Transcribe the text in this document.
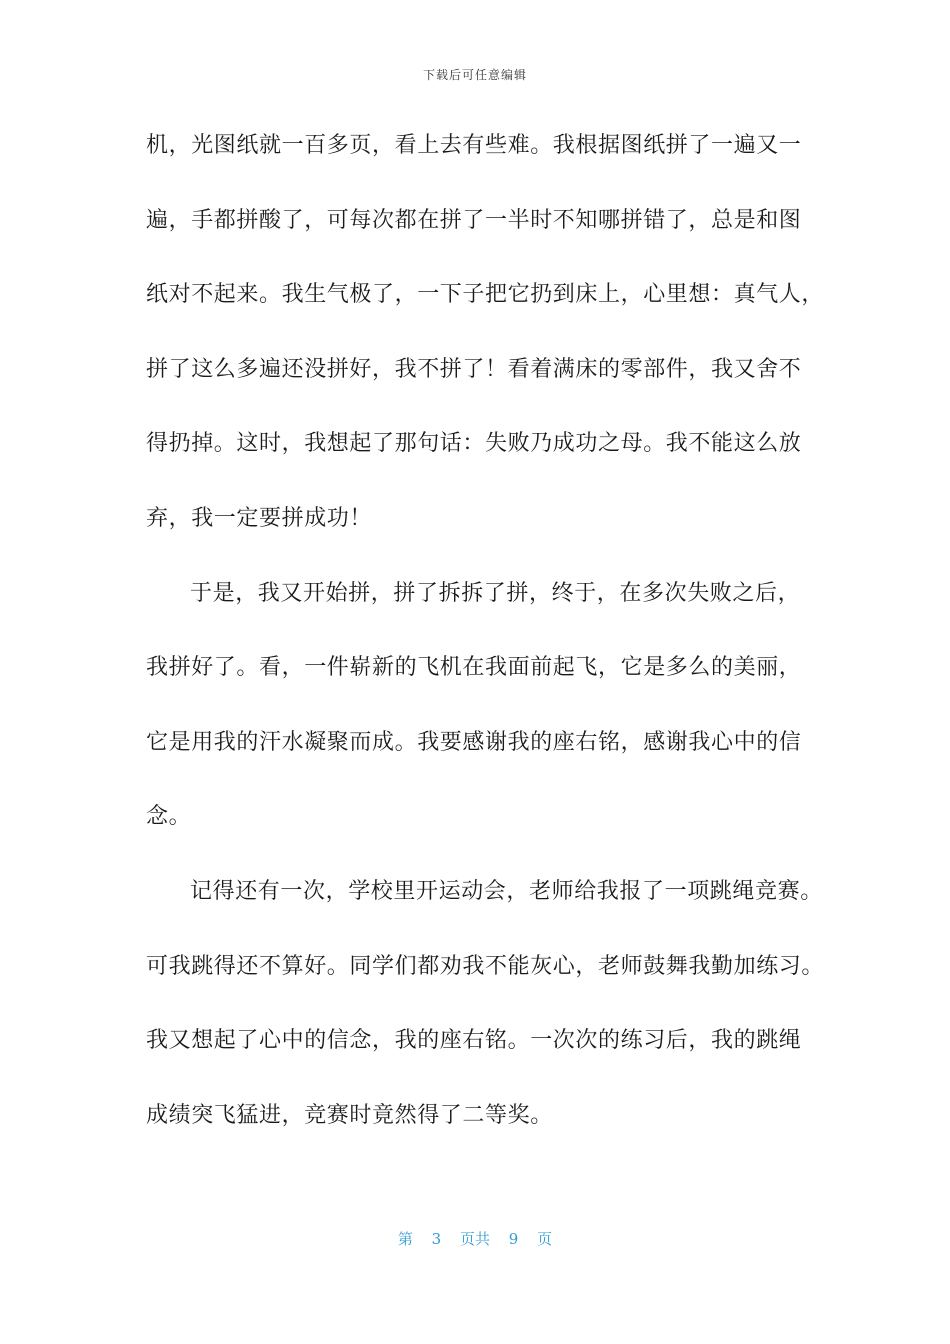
下载后可任意编辑
机，光图纸就一百多页，看上去有些难。我根据图纸拼了一遍又一
遍，手都拼酸了，可每次都在拼了一半时不知哪拼错了，总是和图
纸对不起来。我生气极了，一下子把它扔到床上，心里想：真气人，
拼了这么多遍还没拼好，我不拼了！看着满床的零部件，我又舍不
得扔掉。这时，我想起了那句话：失败乃成功之母。我不能这么放
弃，我一定要拼成功！
于是，我又开始拼，拼了拆拆了拼，终于，在多次失败之后，
我拼好了。看，一件崭新的飞机在我面前起飞，它是多么的美丽，
它是用我的汗水凝聚而成。我要感谢我的座右铭，感谢我心中的信
念。
记得还有一次，学校里开运动会，老师给我报了一项跳绳竞赛。
可我跳得还不算好。同学们都劝我不能灰心，老师鼓舞我勤加练习。
我又想起了心中的信念，我的座右铭。一次次的练习后，我的跳绳
成绩突飞猛进，竞赛时竟然得了二等奖。
第 3 页共 9 页
